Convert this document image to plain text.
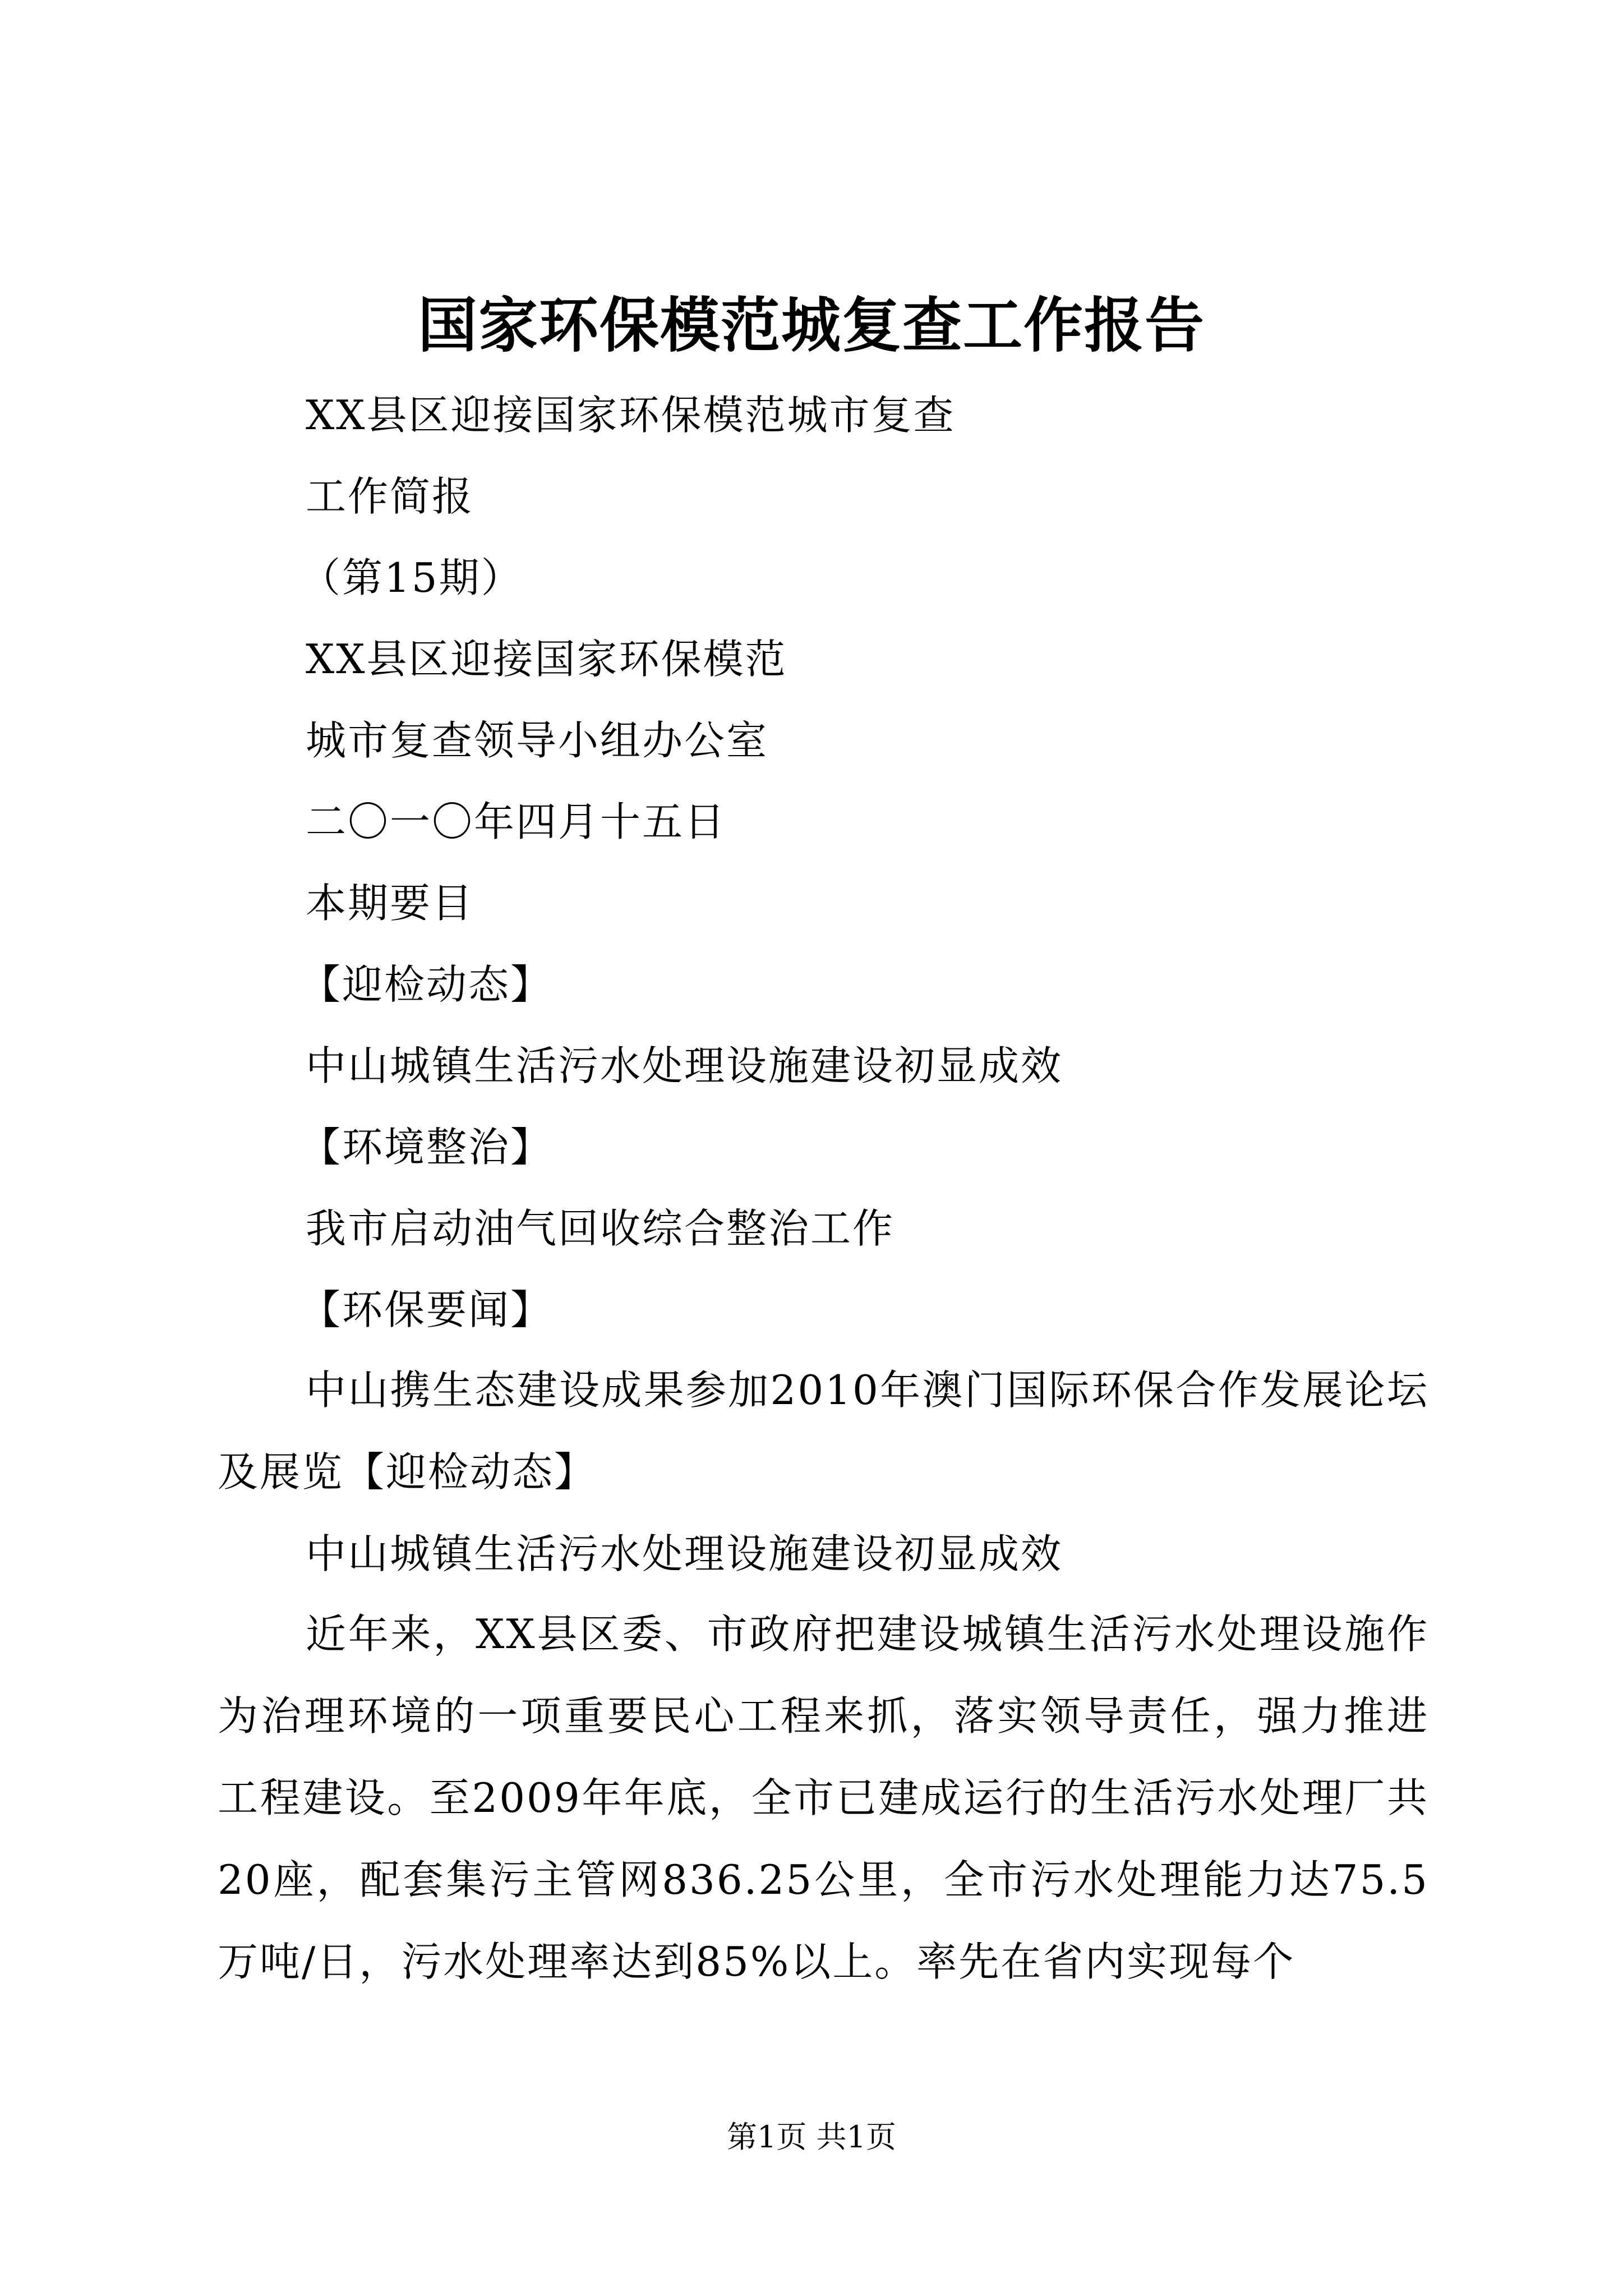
国家环保模范城复查工作报告
XX县区迎接国家环保模范城市复查
工作简报
（第15期）
XX县区迎接国家环保模范
城市复查领导小组办公室
二〇一〇年四月十五日
本期要目
【迎检动态】
中山城镇生活污水处理设施建设初显成效
【环境整治】
我市启动油气回收综合整治工作
【环保要闻】
中山携生态建设成果参加2010年澳门国际环保合作发展论坛及展览【迎检动态】
中山城镇生活污水处理设施建设初显成效
近年来，XX县区委、市政府把建设城镇生活污水处理设施作为治理环境的一项重要民心工程来抓，落实领导责任，强力推进工程建设。至2009年年底，全市已建成运行的生活污水处理厂共20座，配套集污主管网836.25公里，全市污水处理能力达75.5万吨/日，污水处理率达到85%以上。率先在省内实现每个
第1页 共1页
